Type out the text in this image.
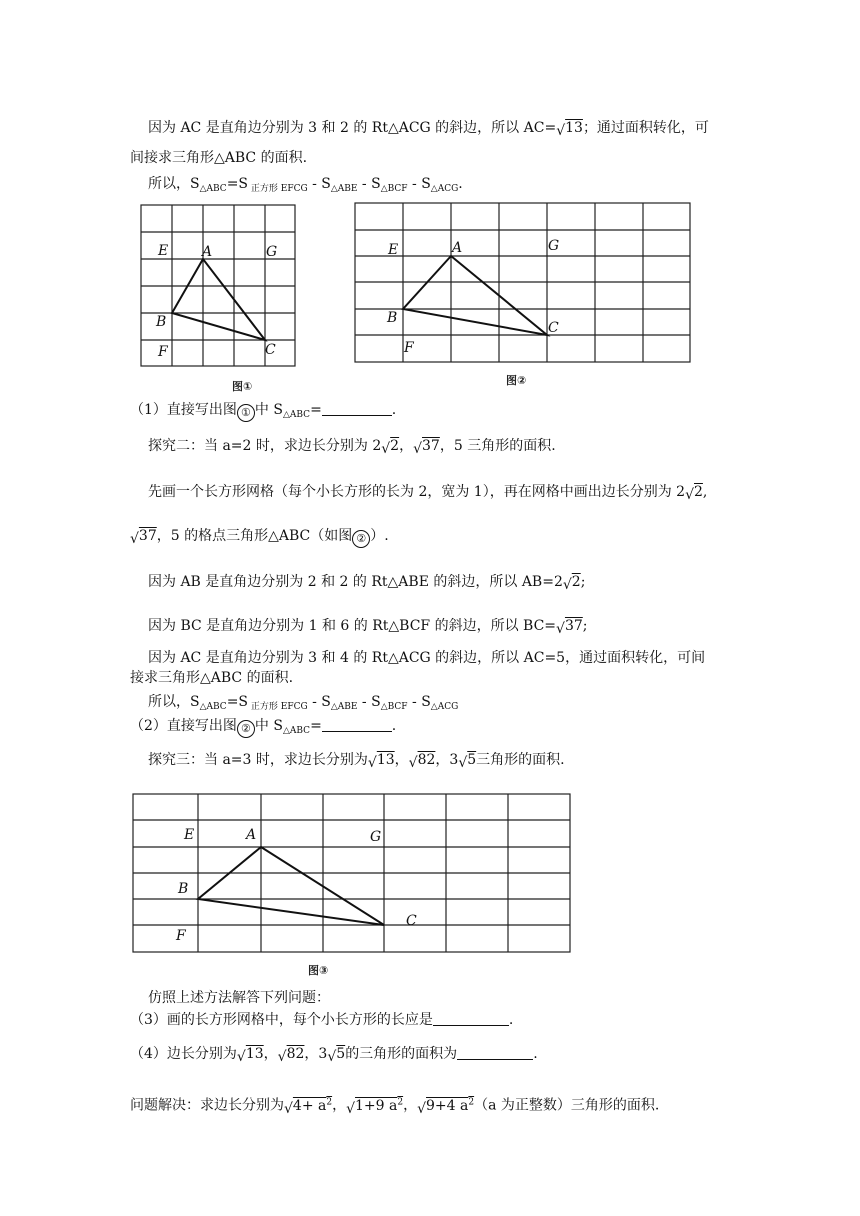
因为 AC 是直角边分别为 3 和 2 的 Rt△ACG 的斜边，所以 AC=√13；通过面积转化，可
间接求三角形△ABC 的面积.
所以，$S_{\triangle ABC}=S$ $_{正方形}$ $_{EFCG} - S_{\triangle ABE} - S_{\triangle BCF} - S_{\triangle ACG}$.
E A	G
B
C
F
图①
E	A	G
B
C
F
图②
（1）直接写出图 ① 中 $S_{\triangle ABC}=$	.
探究二：当 a=2 时，求边长分别为 2√2，√37，5 三角形的面积.
先画一个长方形网格（每个小长方形的长为 2，宽为 1），再在网格中画出边长分别为 2√2,
√37，5 的格点三角形△ABC（如图 ② ）.
因为 AB 是直角边分别为 2 和 2 的 Rt△ABE 的斜边，所以 AB=2√2;
因为 BC 是直角边分别为 1 和 6 的 Rt△BCF 的斜边，所以 BC=√37;
因为 AC 是直角边分别为 3 和 4 的 Rt△ACG 的斜边，所以 AC=5，通过面积转化，可间
接求三角形△ABC 的面积.
所以，$S_{\triangle ABC}=S$ $_{正方形}$ $_{EFCG} - S_{\triangle ABE} - S_{\triangle BCF} - S_{\triangle ACG}$
（2）直接写出图 ② 中 $S_{\triangle ABC}=$	.
探究三：当 a=3 时，求边长分别为√13，√82，3√5三角形的面积.
E	A	G
B
C
F
图③
仿照上述方法解答下列问题：
（3）画的长方形网格中，每个小长方形的长应是	.
（4）边长分别为√13，√82，3√5的三角形的面积为	.
问题解决：求边长分别为$√4+ a^2$，√1+9 $a^2$，√9+4 $a^2(a$ 为正整数）三角形的面积.
